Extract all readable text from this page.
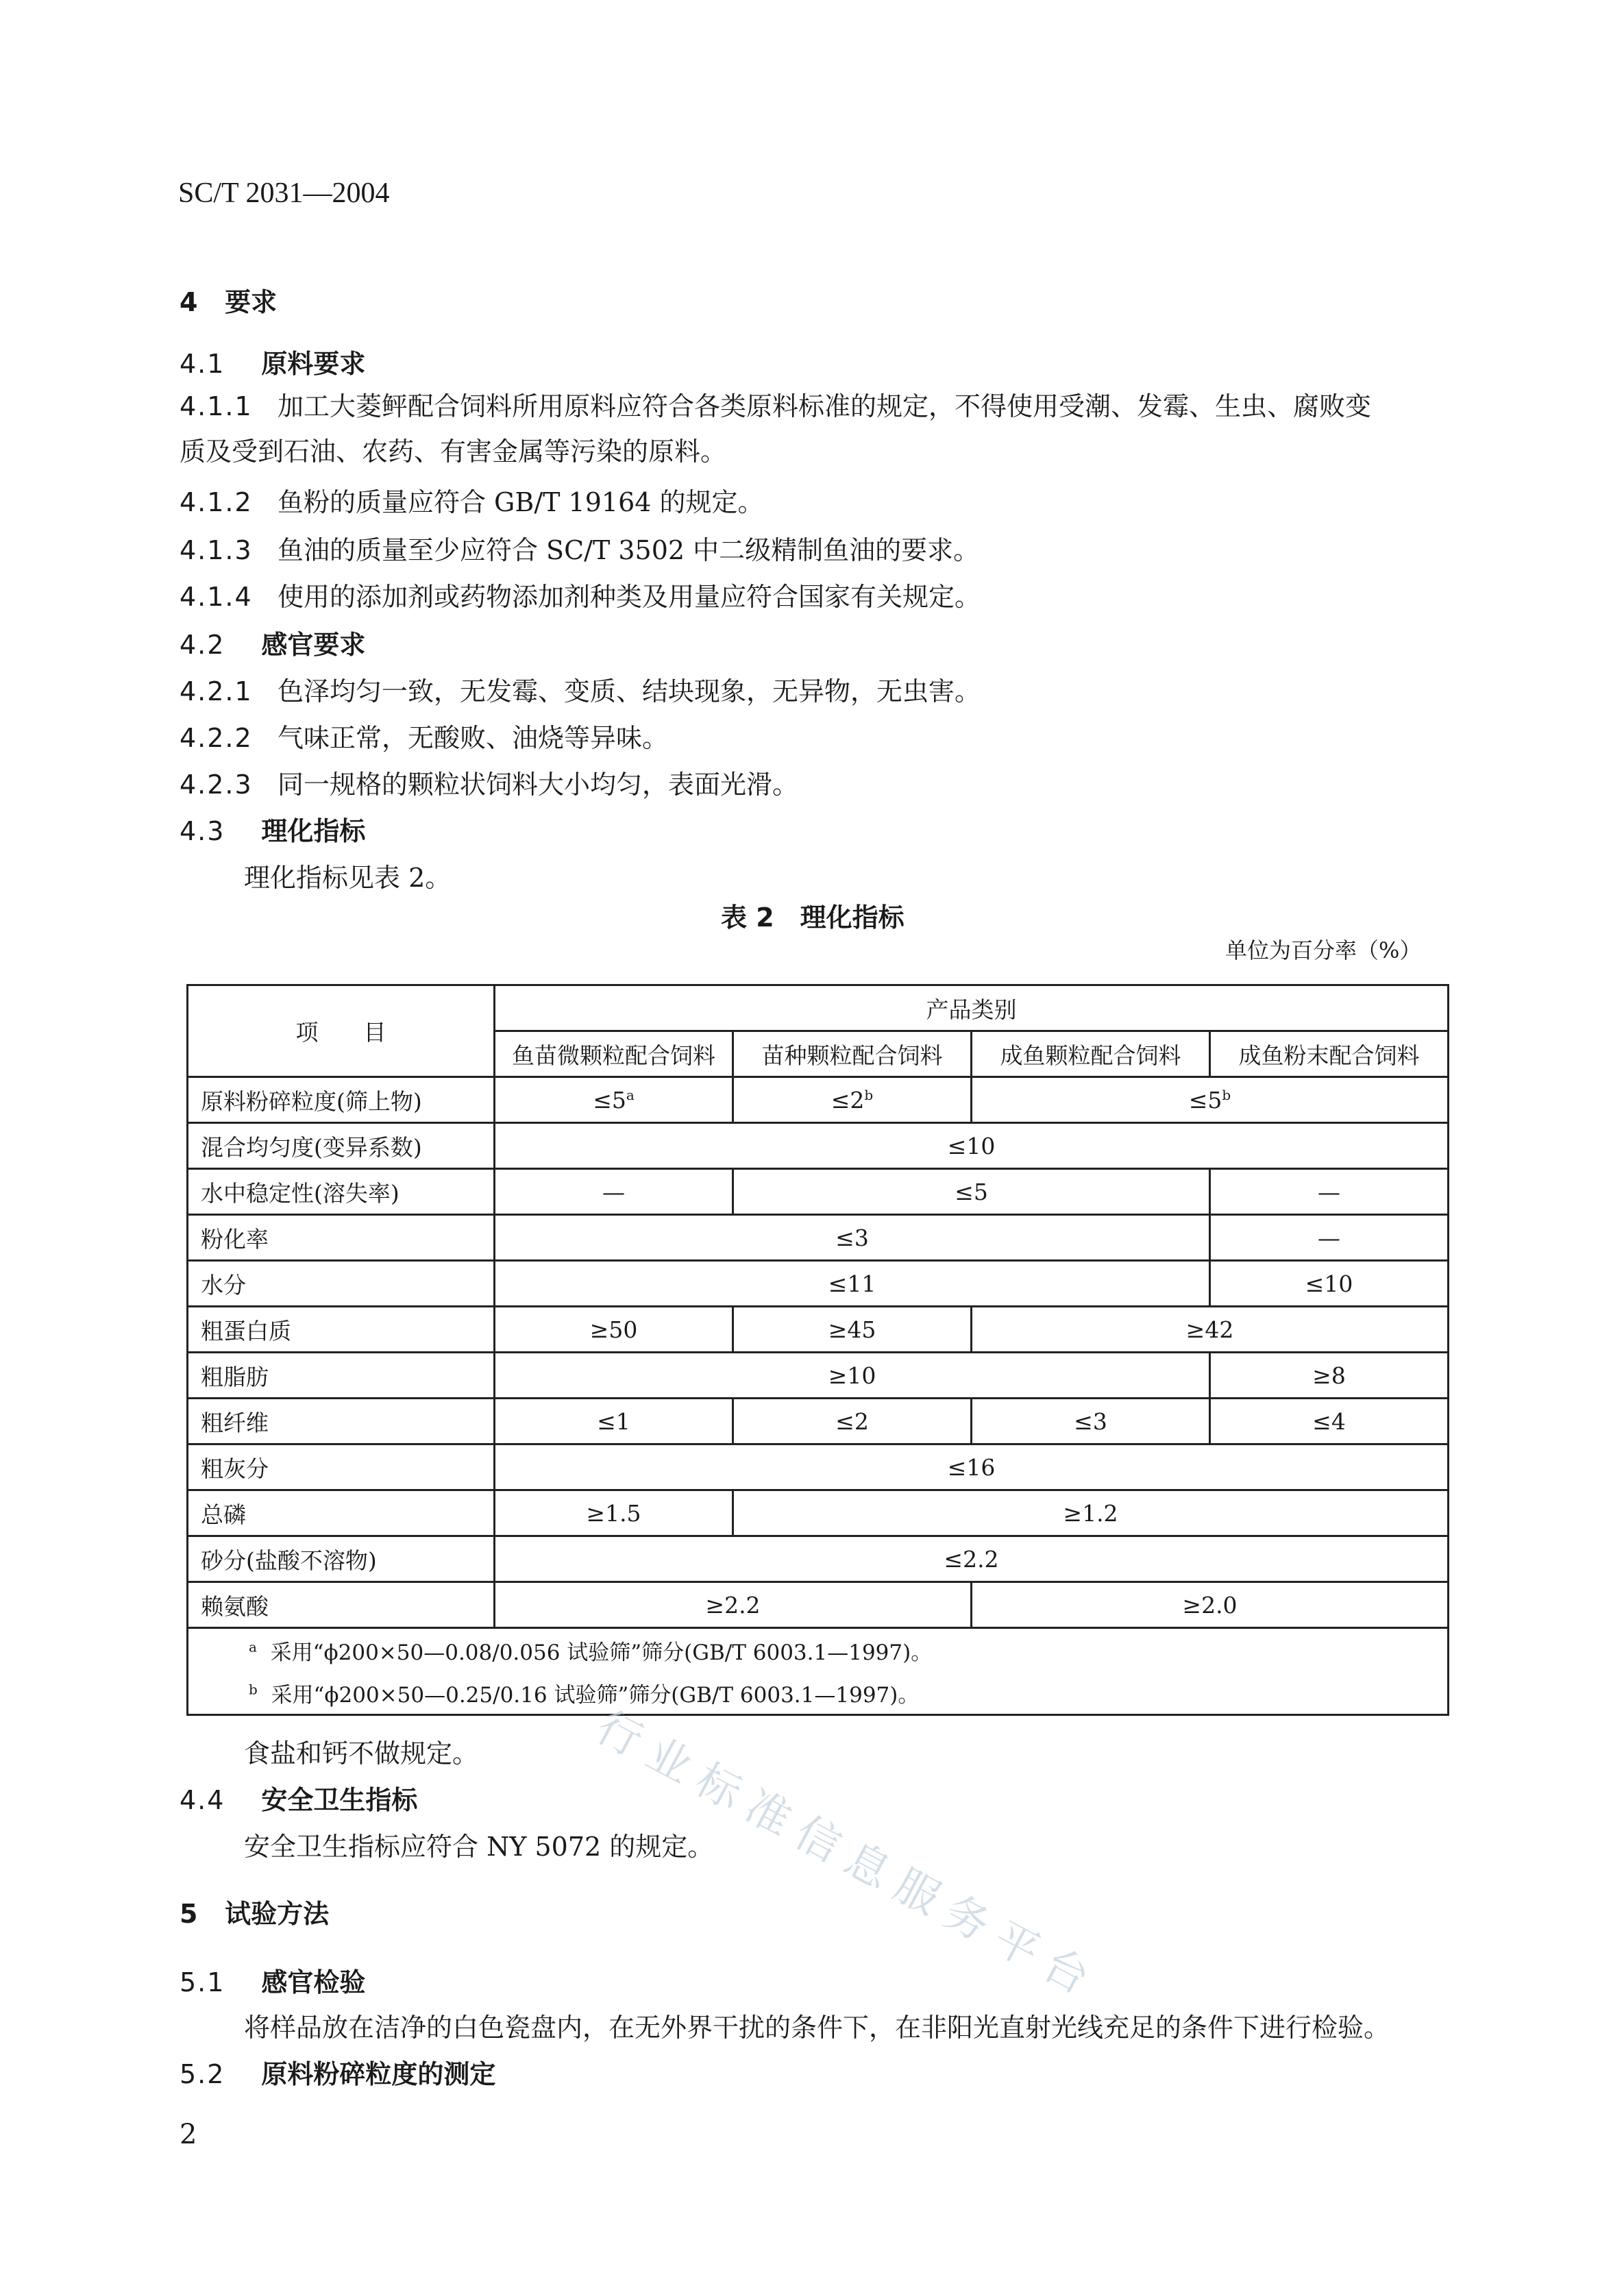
SC/T 2031—2004
4 要求
4.1 原料要求
4.1.1 加工大菱鲆配合饲料所用原料应符合各类原料标准的规定，不得使用受潮、发霉、生虫、腐败变
质及受到石油、农药、有害金属等污染的原料。
4.1.2 鱼粉的质量应符合 GB/T 19164 的规定。
4.1.3 鱼油的质量至少应符合 SC/T 3502 中二级精制鱼油的要求。
4.1.4 使用的添加剂或药物添加剂种类及用量应符合国家有关规定。
4.2 感官要求
4.2.1 色泽均匀一致，无发霉、变质、结块现象，无异物，无虫害。
4.2.2 气味正常，无酸败、油烧等异味。
4.2.3 同一规格的颗粒状饲料大小均匀，表面光滑。
4.3 理化指标
理化指标见表 2。
表 2　理化指标
单位为百分率（%）
项　　目	产品类别			
	鱼苗微颗粒配合饲料	苗种颗粒配合饲料	成鱼颗粒配合饲料	成鱼粉末配合饲料
原料粉碎粒度(筛上物)	$\le 5^a$	$\le 2^b$	$\le 5^b$
混合均匀度(变异系数)	≤10			
水中稳定性(溶失率)	—	≤5		—
粉化率	≤3			—
水分	≤11			≤10
粗蛋白质	≥50	≥45	≥42	
粗脂肪	≥10			≥8
粗纤维	≤1	≤2	≤3	≤4
粗灰分	≤16			
总磷	≥1.5	≥1.2		
砂分(盐酸不溶物)	≤2.2			
赖氨酸	≥2.2		≥2.0	
$^a$ 采用“ϕ200×50—0.08/0.056 试验筛”筛分(GB/T 6003.1—1997)。				
$^b$ 采用“ϕ200×50—0.25/0.16 试验筛”筛分(GB/T 6003.1—1997)。				
食盐和钙不做规定。
4.4 安全卫生指标
安全卫生指标应符合 NY 5072 的规定。
5 试验方法
5.1 感官检验
将样品放在洁净的白色瓷盘内，在无外界干扰的条件下，在非阳光直射光线充足的条件下进行检验。
5.2 原料粉碎粒度的测定
2
行业标准信息服务平台
